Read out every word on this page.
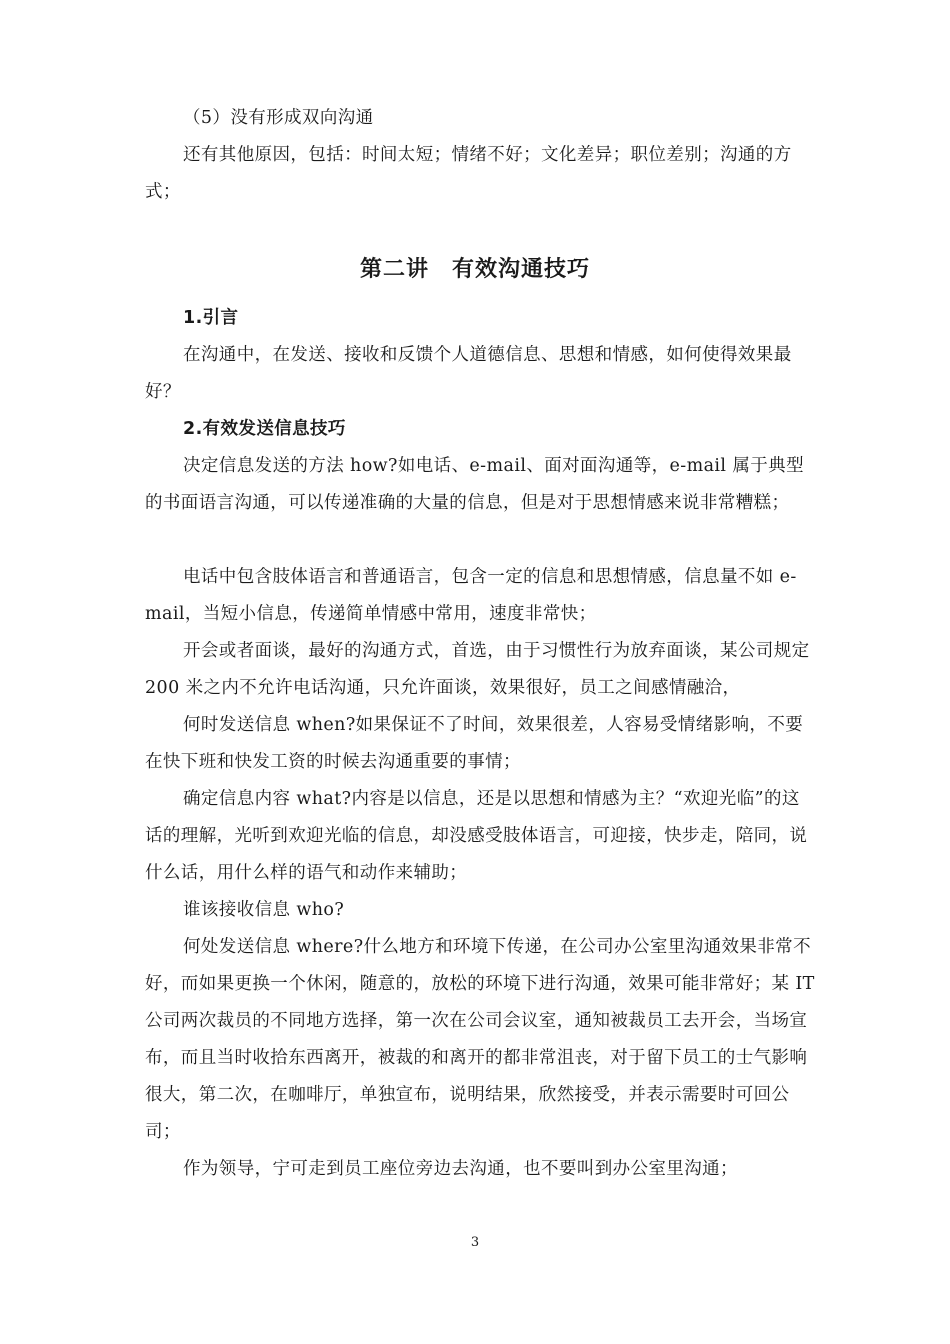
（5）没有形成双向沟通
还有其他原因，包括：时间太短；情绪不好；文化差异；职位差别；沟通的方式；
第二讲　有效沟通技巧
1.引言
在沟通中，在发送、接收和反馈个人道德信息、思想和情感，如何使得效果最好？
2.有效发送信息技巧
决定信息发送的方法 how?如电话、e-mail、面对面沟通等，e-mail 属于典型的书面语言沟通，可以传递准确的大量的信息，但是对于思想情感来说非常糟糕；
电话中包含肢体语言和普通语言，包含一定的信息和思想情感，信息量不如 e-mail，当短小信息，传递简单情感中常用，速度非常快；
开会或者面谈，最好的沟通方式，首选，由于习惯性行为放弃面谈，某公司规定 200 米之内不允许电话沟通，只允许面谈，效果很好，员工之间感情融洽，
何时发送信息 when?如果保证不了时间，效果很差，人容易受情绪影响，不要在快下班和快发工资的时候去沟通重要的事情；
确定信息内容 what?内容是以信息，还是以思想和情感为主？“欢迎光临”的这话的理解，光听到欢迎光临的信息，却没感受肢体语言，可迎接，快步走，陪同，说什么话，用什么样的语气和动作来辅助；
谁该接收信息 who?
何处发送信息 where?什么地方和环境下传递，在公司办公室里沟通效果非常不好，而如果更换一个休闲，随意的，放松的环境下进行沟通，效果可能非常好；某 IT 公司两次裁员的不同地方选择，第一次在公司会议室，通知被裁员工去开会，当场宣布，而且当时收拾东西离开，被裁的和离开的都非常沮丧，对于留下员工的士气影响很大，第二次，在咖啡厅，单独宣布，说明结果，欣然接受，并表示需要时可回公司；
作为领导，宁可走到员工座位旁边去沟通，也不要叫到办公室里沟通；
3
